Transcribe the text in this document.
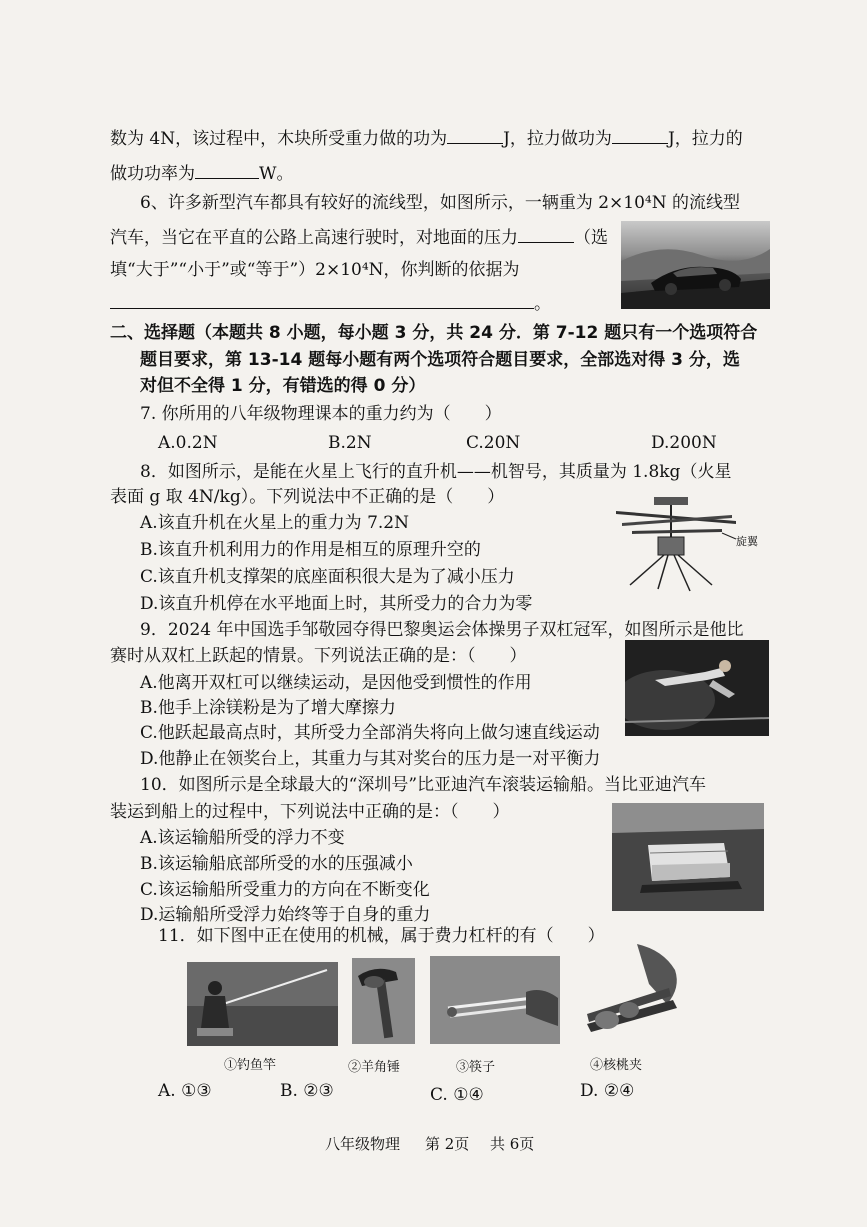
数为 4N，该过程中，木块所受重力做的功为	J，拉力做功为	J，拉力的
做功功率为	W。
6、许多新型汽车都具有较好的流线型，如图所示，一辆重为 2×10⁴N 的流线型
汽车，当它在平直的公路上高速行驶时，对地面的压力	（选
填“大于”“小于”或“等于”）2×10⁴N，你判断的依据为
。
二、选择题（本题共 8 小题，每小题 3 分，共 24 分．第 7-12 题只有一个选项符合
题目要求，第 13-14 题每小题有两个选项符合题目要求，全部选对得 3 分，选
对但不全得 1 分，有错选的得 0 分）
7. 你所用的八年级物理课本的重力约为（　　）
A.0.2N	B.2N	C.20N	D.200N
8．如图所示，是能在火星上飞行的直升机——机智号，其质量为 1.8kg（火星
表面 g 取 4N/kg）。下列说法中不正确的是（　　）
A.该直升机在火星上的重力为 7.2N
B.该直升机利用力的作用是相互的原理升空的
C.该直升机支撑架的底座面积很大是为了减小压力
D.该直升机停在水平地面上时，其所受力的合力为零
旋翼
9．2024 年中国选手邹敬园夺得巴黎奥运会体操男子双杠冠军，如图所示是他比
赛时从双杠上跃起的情景。下列说法正确的是：（　　）
A.他离开双杠可以继续运动，是因他受到惯性的作用
B.他手上涂镁粉是为了增大摩擦力
C.他跃起最高点时，其所受力全部消失将向上做匀速直线运动
D.他静止在领奖台上，其重力与其对奖台的压力是一对平衡力
10．如图所示是全球最大的“深圳号”比亚迪汽车滚装运输船。当比亚迪汽车
装运到船上的过程中，下列说法中正确的是：（　　）
A.该运输船所受的浮力不变
B.该运输船底部所受的水的压强减小
C.该运输船所受重力的方向在不断变化
D.运输船所受浮力始终等于自身的重力
11．如下图中正在使用的机械，属于费力杠杆的有（　　）
①钓鱼竿	②羊角锤	③筷子	④核桃夹
A. ①③	B. ②③	C. ①④	D. ②④
八年级物理 第 2页 共 6页
